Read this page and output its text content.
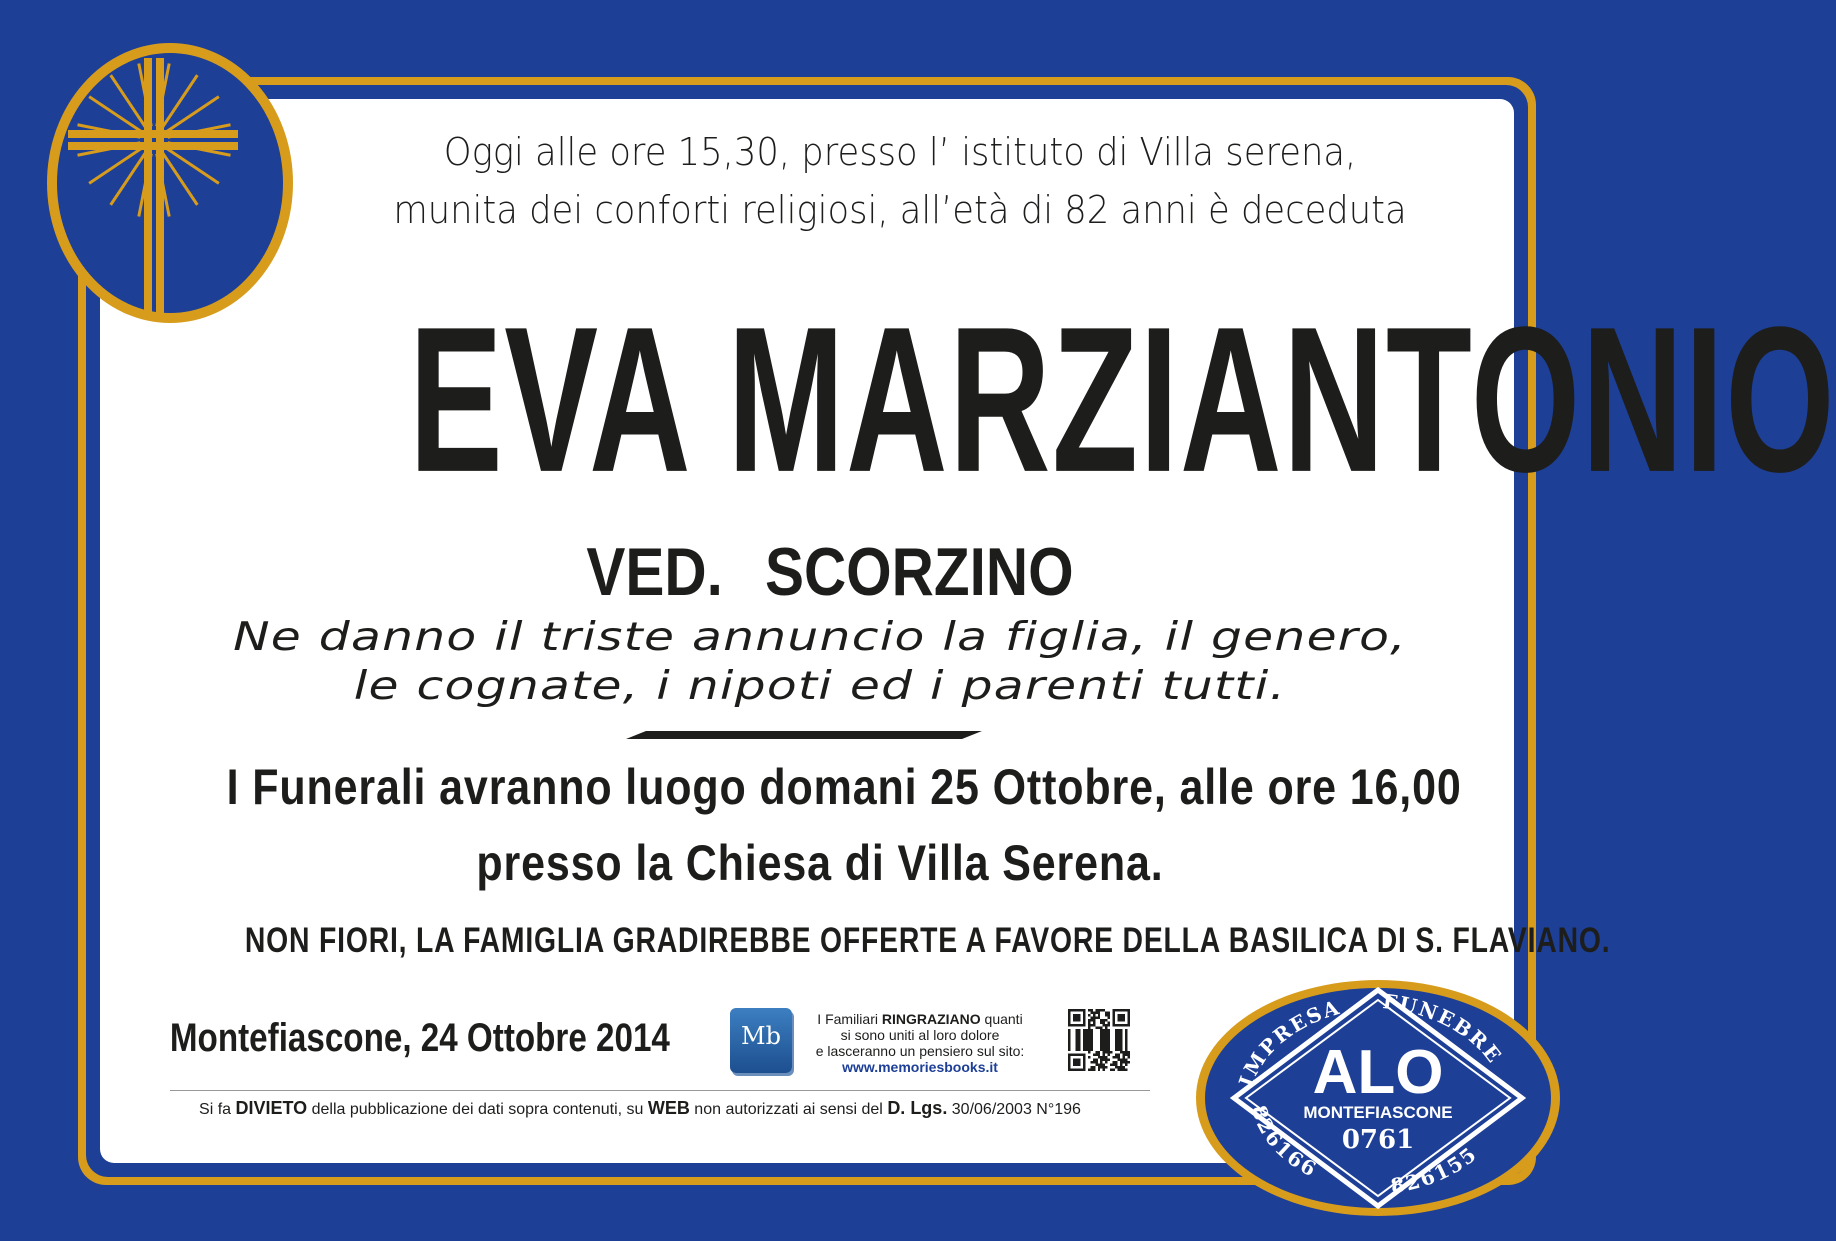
Oggi alle ore 15,30, presso l’ istituto di Villa serena,
munita dei conforti religiosi, all’età di 82 anni è deceduta
EVA MARZIANTONIO
VED. SCORZINO
Ne danno il triste annuncio la figlia, il genero,
le cognate, i nipoti ed i parenti tutti.
I Funerali avranno luogo domani 25 Ottobre, alle ore 16,00
presso la Chiesa di Villa Serena.
NON FIORI, LA FAMIGLIA GRADIREBBE OFFERTE A FAVORE DELLA BASILICA DI S. FLAVIANO.
Montefiascone, 24 Ottobre 2014	Mb
I Familiari RINGRAZIANO quanti
si sono uniti al loro dolore
e lasceranno un pensiero sul sito:
www.memoriesbooks.it
Si fa DIVIETO della pubblicazione dei dati sopra contenuti, su WEB non autorizzati ai sensi del D. Lgs. 30/06/2003 N°196
IMPRESA FUNEBRE
826166
826155
ALO
MONTEFIASCONE
0761
